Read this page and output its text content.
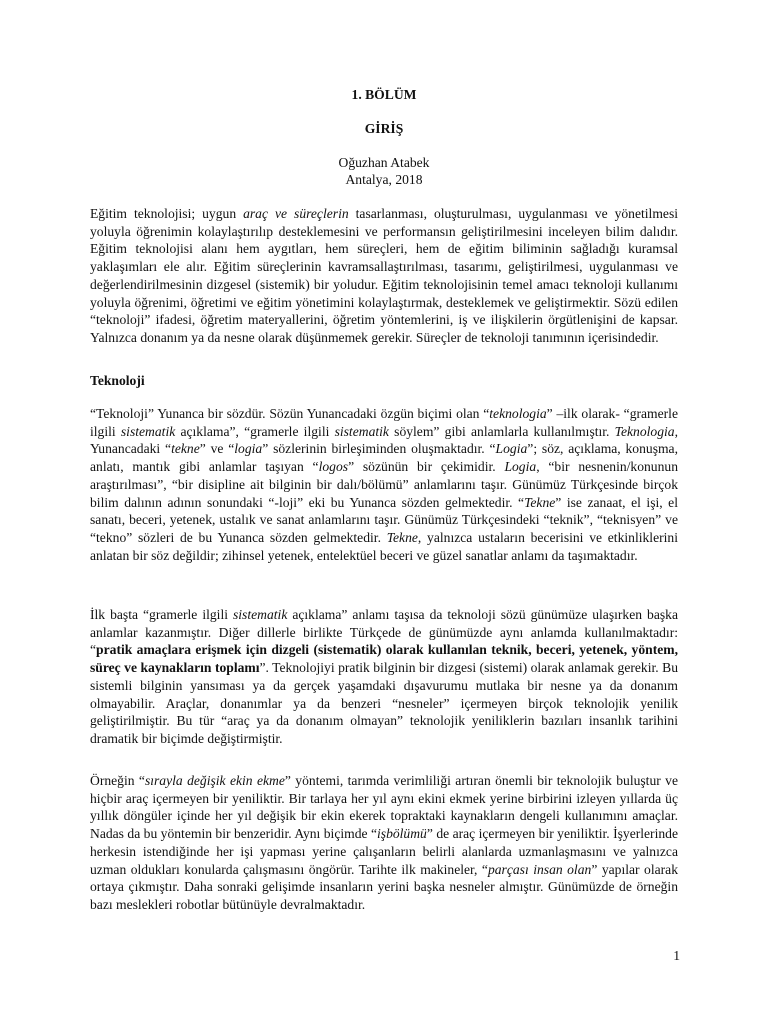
1. BÖLÜM
GİRİŞ
Oğuzhan Atabek
Antalya, 2018

Eğitim teknolojisi; uygun araç ve süreçlerin tasarlanması, oluşturulması, uygulanması ve yönetilmesi yoluyla öğrenimin kolaylaştırılıp desteklemesini ve performansın geliştirilmesini inceleyen bilim dalıdır. Eğitim teknolojisi alanı hem aygıtları, hem süreçleri, hem de eğitim biliminin sağladığı kuramsal yaklaşımları ele alır. Eğitim süreçlerinin kavramsallaştırılması, tasarımı, geliştirilmesi, uygulanması ve değerlendirilmesinin dizgesel (sistemik) bir yoludur. Eğitim teknolojisinin temel amacı teknoloji kullanımı yoluyla öğrenimi, öğretimi ve eğitim yönetimini kolaylaştırmak, desteklemek ve geliştirmektir. Sözü edilen “teknoloji” ifadesi, öğretim materyallerini, öğretim yöntemlerini, iş ve ilişkilerin örgütlenişini de kapsar. Yalnızca donanım ya da nesne olarak düşünmemek gerekir. Süreçler de teknoloji tanımının içerisindedir.

Teknoloji

“Teknoloji” Yunanca bir sözdür. Sözün Yunancadaki özgün biçimi olan “teknologia” –ilk olarak- “gramerle ilgili sistematik açıklama”, “gramerle ilgili sistematik söylem” gibi anlamlarla kullanılmıştır. Teknologia, Yunancadaki “tekne” ve “logia” sözlerinin birleşiminden oluşmaktadır. “Logia”; söz, açıklama, konuşma, anlatı, mantık gibi anlamlar taşıyan “logos” sözünün bir çekimidir. Logia, “bir nesnenin/konunun araştırılması”, “bir disipline ait bilginin bir dalı/bölümü” anlamlarını taşır. Günümüz Türkçesinde birçok bilim dalının adının sonundaki “-loji” eki bu Yunanca sözden gelmektedir. “Tekne” ise zanaat, el işi, el sanatı, beceri, yetenek, ustalık ve sanat anlamlarını taşır. Günümüz Türkçesindeki “teknik”, “teknisyen” ve “tekno” sözleri de bu Yunanca sözden gelmektedir. Tekne, yalnızca ustaların becerisini ve etkinliklerini anlatan bir söz değildir; zihinsel yetenek, entelektüel beceri ve güzel sanatlar anlamı da taşımaktadır.

İlk başta “gramerle ilgili sistematik açıklama” anlamı taşısa da teknoloji sözü günümüze ulaşırken başka anlamlar kazanmıştır. Diğer dillerle birlikte Türkçede de günümüzde aynı anlamda kullanılmaktadır: “pratik amaçlara erişmek için dizgeli (sistematik) olarak kullanılan teknik, beceri, yetenek, yöntem, süreç ve kaynakların toplamı”. Teknolojiyi pratik bilginin bir dizgesi (sistemi) olarak anlamak gerekir. Bu sistemli bilginin yansıması ya da gerçek yaşamdaki dışavurumu mutlaka bir nesne ya da donanım olmayabilir. Araçlar, donanımlar ya da benzeri “nesneler” içermeyen birçok teknolojik yenilik geliştirilmiştir. Bu tür “araç ya da donanım olmayan” teknolojik yeniliklerin bazıları insanlık tarihini dramatik bir biçimde değiştirmiştir.

Örneğin “sırayla değişik ekin ekme” yöntemi, tarımda verimliliği artıran önemli bir teknolojik buluştur ve hiçbir araç içermeyen bir yeniliktir. Bir tarlaya her yıl aynı ekini ekmek yerine birbirini izleyen yıllarda üç yıllık döngüler içinde her yıl değişik bir ekin ekerek topraktaki kaynakların dengeli kullanımını amaçlar. Nadas da bu yöntemin bir benzeridir. Aynı biçimde “işbölümü” de araç içermeyen bir yeniliktir. İşyerlerinde herkesin istendiğinde her işi yapması yerine çalışanların belirli alanlarda uzmanlaşmasını ve yalnızca uzman oldukları konularda çalışmasını öngörür. Tarihte ilk makineler, “parçası insan olan” yapılar olarak ortaya çıkmıştır. Daha sonraki gelişimde insanların yerini başka nesneler almıştır. Günümüzde de örneğin bazı meslekleri robotlar bütünüyle devralmaktadır.

1
